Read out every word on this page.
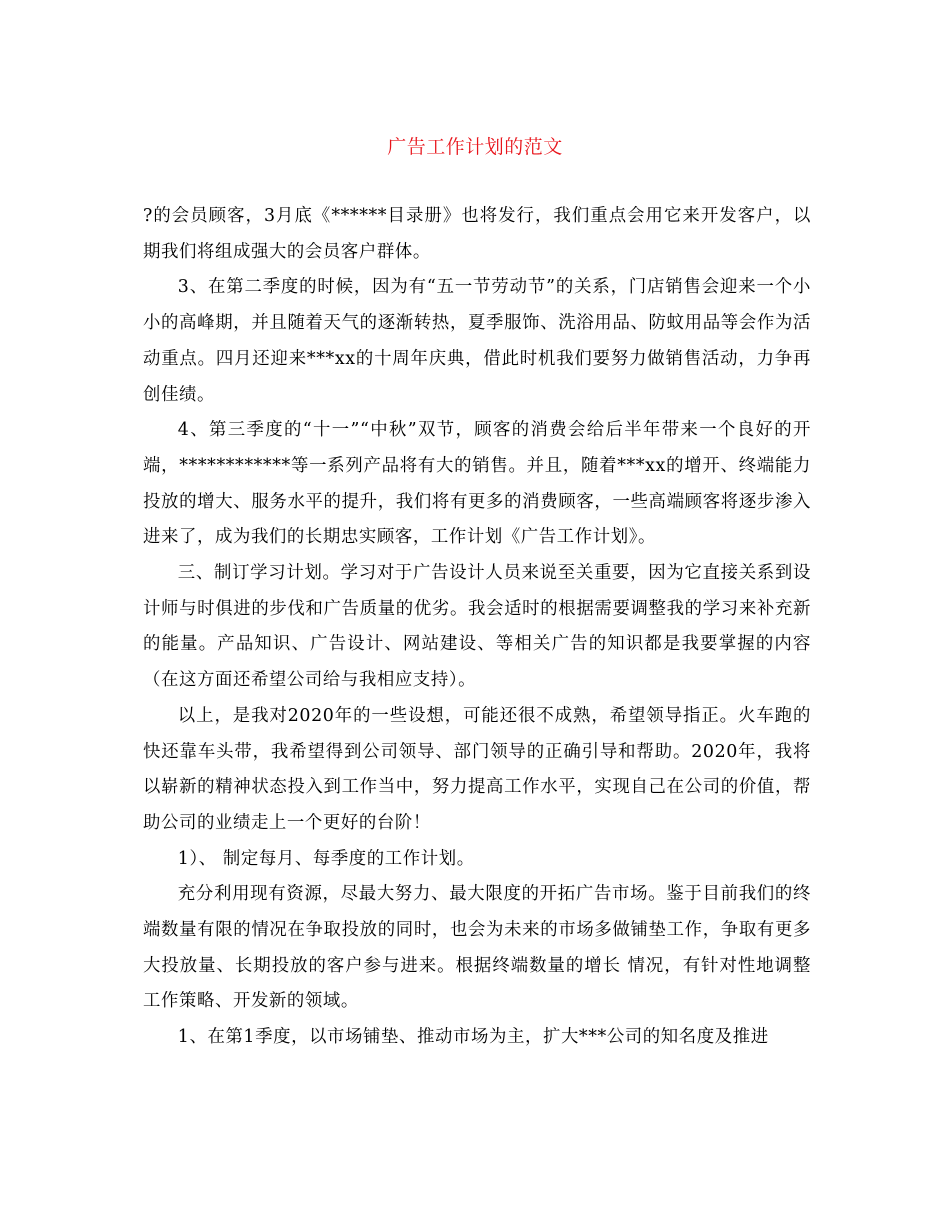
广告工作计划的范文

?的会员顾客，3月底《******目录册》也将发行，我们重点会用它来开发客户，以期我们将组成强大的会员客户群体。

3、在第二季度的时候，因为有“五一节劳动节”的关系，门店销售会迎来一个小小的高峰期，并且随着天气的逐渐转热，夏季服饰、洗浴用品、防蚊用品等会作为活动重点。四月还迎来***xx的十周年庆典，借此时机我们要努力做销售活动，力争再创佳绩。

4、第三季度的“十一”“中秋”双节，顾客的消费会给后半年带来一个良好的开端，************等一系列产品将有大的销售。并且，随着***xx的增开、终端能力投放的增大、服务水平的提升，我们将有更多的消费顾客，一些高端顾客将逐步渗入进来了，成为我们的长期忠实顾客，工作计划《广告工作计划》。

三、制订学习计划。学习对于广告设计人员来说至关重要，因为它直接关系到设计师与时俱进的步伐和广告质量的优劣。我会适时的根据需要调整我的学习来补充新的能量。产品知识、广告设计、网站建设、等相关广告的知识都是我要掌握的内容（在这方面还希望公司给与我相应支持）。

以上，是我对2020年的一些设想，可能还很不成熟，希望领导指正。火车跑的快还靠车头带，我希望得到公司领导、部门领导的正确引导和帮助。2020年，我将以崭新的精神状态投入到工作当中，努力提高工作水平，实现自己在公司的价值，帮助公司的业绩走上一个更好的台阶！

1）、 制定每月、每季度的工作计划。

充分利用现有资源，尽最大努力、最大限度的开拓广告市场。鉴于目前我们的终端数量有限的情况在争取投放的同时，也会为未来的市场多做铺垫工作，争取有更多大投放量、长期投放的客户参与进来。根据终端数量的增长 情况，有针对性地调整工作策略、开发新的领域。

1、在第1季度，以市场铺垫、推动市场为主，扩大***公司的知名度及推进
